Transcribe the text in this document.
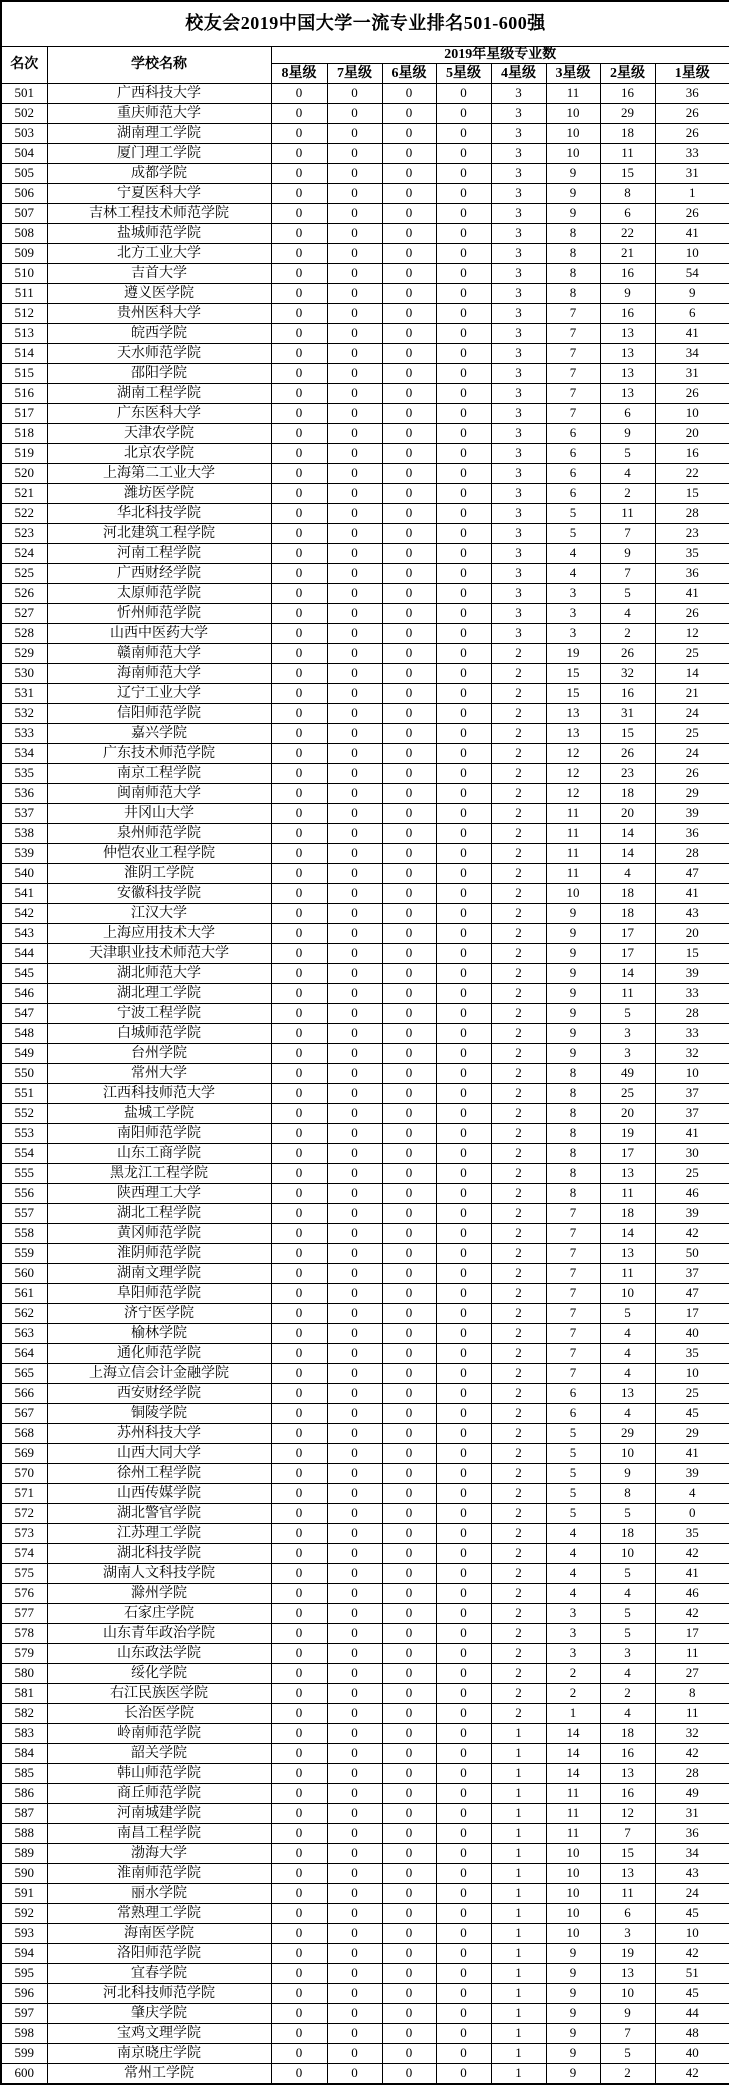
校友会2019中国大学一流专业排名501-600强									
名次	学校名称	2019年星级专业数							
		8星级	7星级	6星级	5星级	4星级	3星级	2星级	1星级
501	广西科技大学	0	0	0	0	3	11	16	36
502	重庆师范大学	0	0	0	0	3	10	29	26
503	湖南理工学院	0	0	0	0	3	10	18	26
504	厦门理工学院	0	0	0	0	3	10	11	33
505	成都学院	0	0	0	0	3	9	15	31
506	宁夏医科大学	0	0	0	0	3	9	8	1
507	吉林工程技术师范学院	0	0	0	0	3	9	6	26
508	盐城师范学院	0	0	0	0	3	8	22	41
509	北方工业大学	0	0	0	0	3	8	21	10
510	吉首大学	0	0	0	0	3	8	16	54
511	遵义医学院	0	0	0	0	3	8	9	9
512	贵州医科大学	0	0	0	0	3	7	16	6
513	皖西学院	0	0	0	0	3	7	13	41
514	天水师范学院	0	0	0	0	3	7	13	34
515	邵阳学院	0	0	0	0	3	7	13	31
516	湖南工程学院	0	0	0	0	3	7	13	26
517	广东医科大学	0	0	0	0	3	7	6	10
518	天津农学院	0	0	0	0	3	6	9	20
519	北京农学院	0	0	0	0	3	6	5	16
520	上海第二工业大学	0	0	0	0	3	6	4	22
521	潍坊医学院	0	0	0	0	3	6	2	15
522	华北科技学院	0	0	0	0	3	5	11	28
523	河北建筑工程学院	0	0	0	0	3	5	7	23
524	河南工程学院	0	0	0	0	3	4	9	35
525	广西财经学院	0	0	0	0	3	4	7	36
526	太原师范学院	0	0	0	0	3	3	5	41
527	忻州师范学院	0	0	0	0	3	3	4	26
528	山西中医药大学	0	0	0	0	3	3	2	12
529	赣南师范大学	0	0	0	0	2	19	26	25
530	海南师范大学	0	0	0	0	2	15	32	14
531	辽宁工业大学	0	0	0	0	2	15	16	21
532	信阳师范学院	0	0	0	0	2	13	31	24
533	嘉兴学院	0	0	0	0	2	13	15	25
534	广东技术师范学院	0	0	0	0	2	12	26	24
535	南京工程学院	0	0	0	0	2	12	23	26
536	闽南师范大学	0	0	0	0	2	12	18	29
537	井冈山大学	0	0	0	0	2	11	20	39
538	泉州师范学院	0	0	0	0	2	11	14	36
539	仲恺农业工程学院	0	0	0	0	2	11	14	28
540	淮阴工学院	0	0	0	0	2	11	4	47
541	安徽科技学院	0	0	0	0	2	10	18	41
542	江汉大学	0	0	0	0	2	9	18	43
543	上海应用技术大学	0	0	0	0	2	9	17	20
544	天津职业技术师范大学	0	0	0	0	2	9	17	15
545	湖北师范大学	0	0	0	0	2	9	14	39
546	湖北理工学院	0	0	0	0	2	9	11	33
547	宁波工程学院	0	0	0	0	2	9	5	28
548	白城师范学院	0	0	0	0	2	9	3	33
549	台州学院	0	0	0	0	2	9	3	32
550	常州大学	0	0	0	0	2	8	49	10
551	江西科技师范大学	0	0	0	0	2	8	25	37
552	盐城工学院	0	0	0	0	2	8	20	37
553	南阳师范学院	0	0	0	0	2	8	19	41
554	山东工商学院	0	0	0	0	2	8	17	30
555	黑龙江工程学院	0	0	0	0	2	8	13	25
556	陕西理工大学	0	0	0	0	2	8	11	46
557	湖北工程学院	0	0	0	0	2	7	18	39
558	黄冈师范学院	0	0	0	0	2	7	14	42
559	淮阴师范学院	0	0	0	0	2	7	13	50
560	湖南文理学院	0	0	0	0	2	7	11	37
561	阜阳师范学院	0	0	0	0	2	7	10	47
562	济宁医学院	0	0	0	0	2	7	5	17
563	榆林学院	0	0	0	0	2	7	4	40
564	通化师范学院	0	0	0	0	2	7	4	35
565	上海立信会计金融学院	0	0	0	0	2	7	4	10
566	西安财经学院	0	0	0	0	2	6	13	25
567	铜陵学院	0	0	0	0	2	6	4	45
568	苏州科技大学	0	0	0	0	2	5	29	29
569	山西大同大学	0	0	0	0	2	5	10	41
570	徐州工程学院	0	0	0	0	2	5	9	39
571	山西传媒学院	0	0	0	0	2	5	8	4
572	湖北警官学院	0	0	0	0	2	5	5	0
573	江苏理工学院	0	0	0	0	2	4	18	35
574	湖北科技学院	0	0	0	0	2	4	10	42
575	湖南人文科技学院	0	0	0	0	2	4	5	41
576	滁州学院	0	0	0	0	2	4	4	46
577	石家庄学院	0	0	0	0	2	3	5	42
578	山东青年政治学院	0	0	0	0	2	3	5	17
579	山东政法学院	0	0	0	0	2	3	3	11
580	绥化学院	0	0	0	0	2	2	4	27
581	右江民族医学院	0	0	0	0	2	2	2	8
582	长治医学院	0	0	0	0	2	1	4	11
583	岭南师范学院	0	0	0	0	1	14	18	32
584	韶关学院	0	0	0	0	1	14	16	42
585	韩山师范学院	0	0	0	0	1	14	13	28
586	商丘师范学院	0	0	0	0	1	11	16	49
587	河南城建学院	0	0	0	0	1	11	12	31
588	南昌工程学院	0	0	0	0	1	11	7	36
589	渤海大学	0	0	0	0	1	10	15	34
590	淮南师范学院	0	0	0	0	1	10	13	43
591	丽水学院	0	0	0	0	1	10	11	24
592	常熟理工学院	0	0	0	0	1	10	6	45
593	海南医学院	0	0	0	0	1	10	3	10
594	洛阳师范学院	0	0	0	0	1	9	19	42
595	宜春学院	0	0	0	0	1	9	13	51
596	河北科技师范学院	0	0	0	0	1	9	10	45
597	肇庆学院	0	0	0	0	1	9	9	44
598	宝鸡文理学院	0	0	0	0	1	9	7	48
599	南京晓庄学院	0	0	0	0	1	9	5	40
600	常州工学院	0	0	0	0	1	9	2	42
